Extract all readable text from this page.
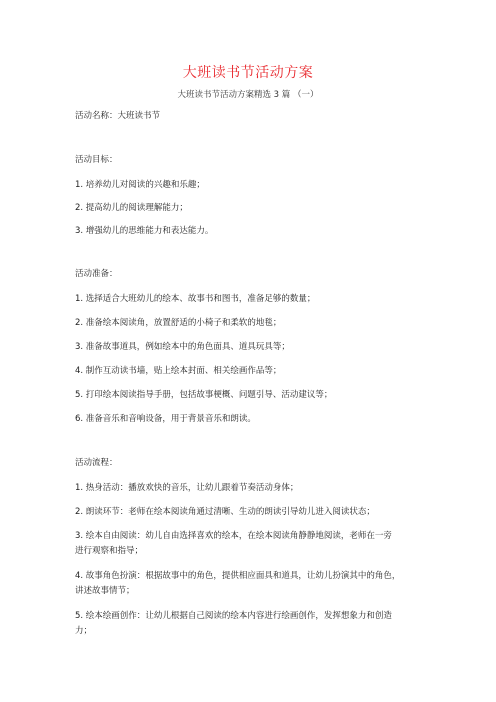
大班读书节活动方案
大班读书节活动方案精选 3 篇 （一）
活动名称：大班读书节
活动目标：
1. 培养幼儿对阅读的兴趣和乐趣；
2. 提高幼儿的阅读理解能力；
3. 增强幼儿的思维能力和表达能力。
活动准备：
1. 选择适合大班幼儿的绘本、故事书和图书，准备足够的数量；
2. 准备绘本阅读角，放置舒适的小椅子和柔软的地毯；
3. 准备故事道具，例如绘本中的角色面具、道具玩具等；
4. 制作互动读书墙，贴上绘本封面、相关绘画作品等；
5. 打印绘本阅读指导手册，包括故事梗概、问题引导、活动建议等；
6. 准备音乐和音响设备，用于背景音乐和朗读。
活动流程：
1. 热身活动：播放欢快的音乐，让幼儿跟着节奏活动身体；
2. 朗读环节：老师在绘本阅读角通过清晰、生动的朗读引导幼儿进入阅读状态；
3. 绘本自由阅读：幼儿自由选择喜欢的绘本，在绘本阅读角静静地阅读，老师在一旁
进行观察和指导；
4. 故事角色扮演：根据故事中的角色，提供相应面具和道具，让幼儿扮演其中的角色，
讲述故事情节；
5. 绘本绘画创作：让幼儿根据自己阅读的绘本内容进行绘画创作，发挥想象力和创造
力；
